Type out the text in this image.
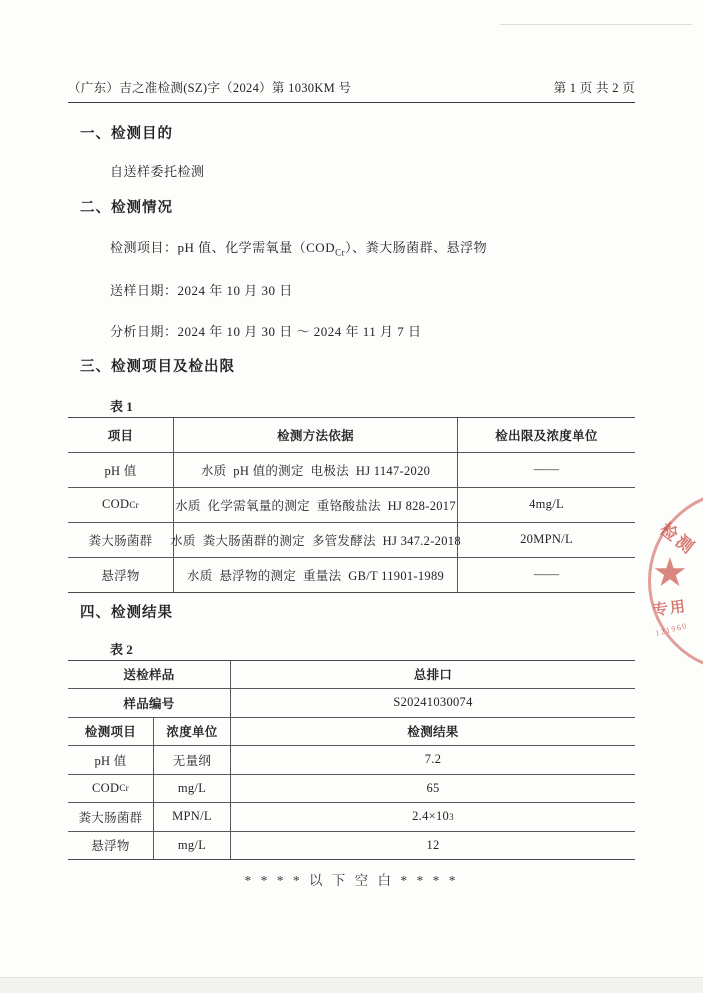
（广东）吉之准检测(SZ)字（2024）第 1030KM 号	第 1 页 共 2 页
一、检测目的
自送样委托检测
二、检测情况
检测项目：pH 值、化学需氧量$(COD_{Cr})$、粪大肠菌群、悬浮物
送样日期：2024 年 10 月 30 日
分析日期：2024 年 10 月 30 日 ～ 2024 年 11 月 7 日
三、检测项目及检出限
表 1
项目	检测方法依据	检出限及浓度单位
pH 值	水质  pH 值的测定  电极法  HJ 1147-2020	——
COD Cr	水质  化学需氧量的测定  重铬酸盐法  HJ 828-2017	4mg/L
粪大肠菌群 水质  粪大肠菌群的测定  多管发酵法  HJ 347.2-2018	20MPN/L
悬浮物	水质  悬浮物的测定  重量法  GB/T 11901-1989	——
四、检测结果
表 2
送检样品	总排口
样品编号	S20241030074
检测项目	浓度单位	检测结果
pH 值	无量纲	7.2
COD Cr	mg/L	65
粪大肠菌群	MPN/L	2.4×10 3
悬浮物	mg/L	12
* * * * 以 下 空 白 * * * *
检测
★
专用
121960
